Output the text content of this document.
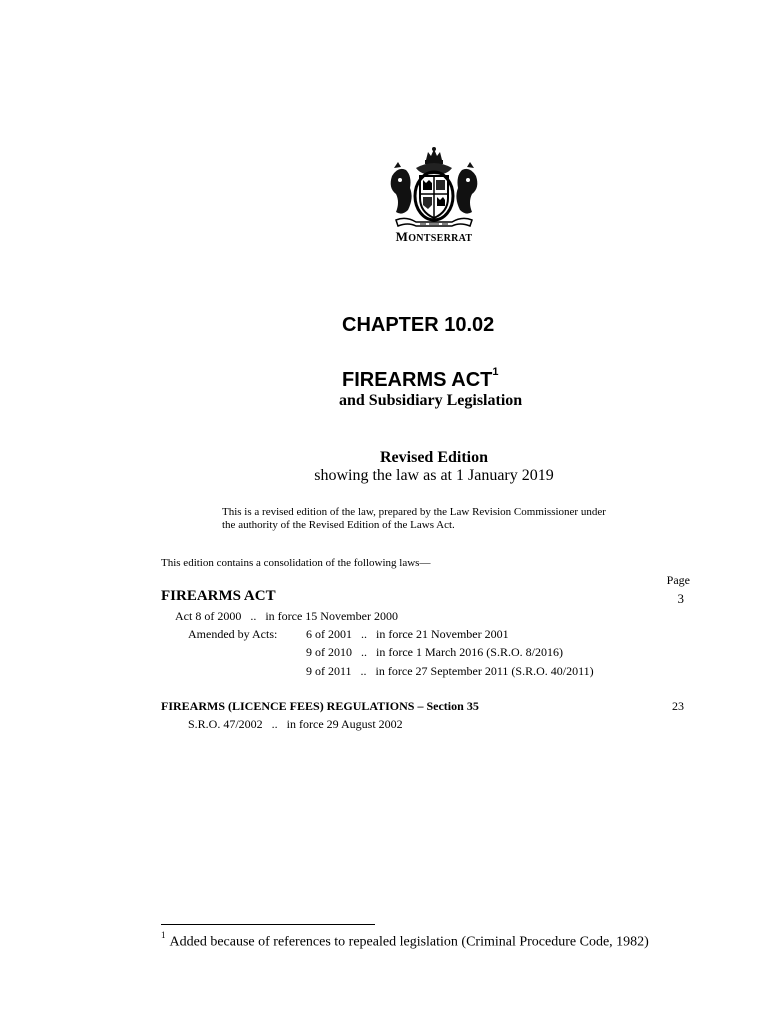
MONTSERRAT
CHAPTER 10.02
FIREARMS ACT$^1$
and Subsidiary Legislation
Revised Edition
showing the law as at 1 January 2019
This is a revised edition of the law, prepared by the Law Revision Commissioner under
the authority of the Revised Edition of the Laws Act.
This edition contains a consolidation of the following laws—
Page
FIREARMS ACT	3
Act 8 of 2000   ..   in force 15 November 2000
Amended by Acts: 6 of 2001   ..   in force 21 November 2001
9 of 2010   ..   in force 1 March 2016 (S.R.O. 8/2016)
9 of 2011   ..   in force 27 September 2011 (S.R.O. 40/2011)
FIREARMS (LICENCE FEES) REGULATIONS – Section 35	23
S.R.O. 47/2002   ..   in force 29 August 2002
$^1$ Added because of references to repealed legislation (Criminal Procedure Code, 1982)
